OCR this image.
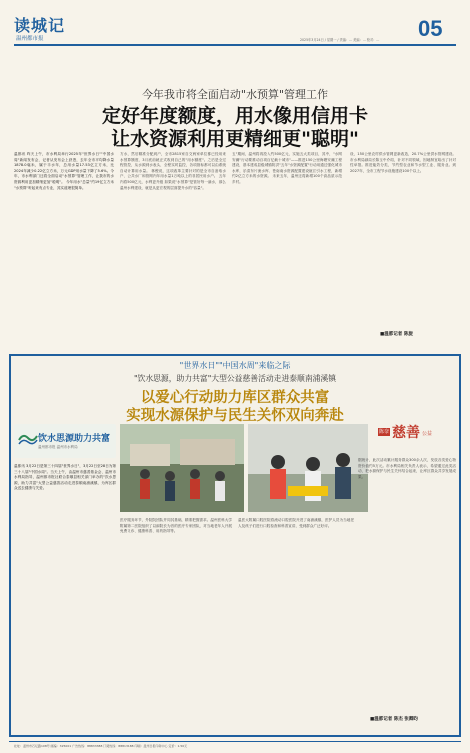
读城记
温州都市报	2025年3月24日 / 星期一 / 责编：... 美编：... 校对：... 05
今年我市将全面启动"水预算"管理工作
定好年度额度，用水像用信用卡
让水资源利用更精细更"聪明"
温都讯 昨天上午，市水利局举行2025年"世界水日""中国水周"新闻发布会，记者从发布会上获悉，去年全市平均降水量1878.0毫米，属于丰水年，总用水量17.53亿立方米，比2024年减少0.22亿立方米，万元GDP用水量下降了5.6%。今年，市水利部门还将全面启动"水预算"管理工作，让我市的水资源利用更加精细更加"聪明"。 今年用水"总量"约19亿立方米 "水预算"听起来有点专业，其实道理很简单。
方水，然后精准分配到户，全市2815家自交两家单位都已经用来水预算额度，3月底前就正式收到自己的"用水额度"。之后是全过程管控，从水源到水表头，全程实时监控，各项指标都可以由系统自动计算用水量。 林俊说，这项改革主要针对的是全市自备取水户、公共水厂和管网内年用水量1万吨以上的非居民用水户。 五年内将500亿元，水利更升级 如果说"水预算"是管好每一滴水，那么温州水利建设，就是从更宏观的层面提升水的"容量"。
五"期间，温州将再投入约500亿元，实施五大类项目，其中，"水网安澜"行动要推动百项百亿截十城市"——推进150公里海塘安澜工程建设，基本建成县级城镇防洪"五年"水资源配置"行动用通过强化城市水库，乐清东片流水库、苍南南水资源配置建设瓯江引水工程，新增约2亿立方米的水资源。 未来五年，温州还将新增100个高品质示范乡村。
设，150公里农村供水管网更新改造，20.7%公里供水管网建设。 市水利局副局长陈玉中介绍，针对不同领域，因地制宜给出了针对性举措。推进能效分类，节约型农业和节水型工业、服务业。到2027年，全市工程节水设施建设100个以上。
■温都记者 陈旋
"世界水日""中国水周"来临之际
"饮水思源，助力共富"大型公益慈善活动走进泰顺南浦溪镇
以爱心行动助力库区群众共富
实现水源保护与民生关怀双向奔赴
饮水思源助力共富
温州都市报 温州市水利局
陈奈 慈善 公益
温都讯 3月22日是第三十四届"世界水日"，3月22日至28日为第三十八届"中国水周"。当天上午，由温州市慈善基金会、温州市水利局指导，温州都市报社联合泰顺县相关部门举办的"饮水思源，助力共富"大型公益慈善活动走进泰顺南浦溪镇，为库区群众送去健康与关爱。
医疗服务环节，外院院团队并同其基础，精准把握需求。温州医科大学附属第二医院组织了以副院长为首的医疗专家团队，对当地老年人开展免费义诊、健康科普、用药指导等。
温医大附属口腔医院将流动口腔医院开进了南浦溪镇，医护人员为当地老人及孩子们进行口腔检查和科普宣讲，受到群众广泛好评。
据统计，此次活动累计服务群众300余人次，发放各类爱心物资价值约5万元。市水利局相关负责人表示，希望通过此类活动，把水源保护与民生关怀结合起来，让库区群众共享发展成果。
■温都记者 陈杰 张卿昀
社址：温州市石坛路108号 邮编：325001 广告热线：88833388 订阅热线：88813188 印刷：温州日报印务中心 定价：1.50元
